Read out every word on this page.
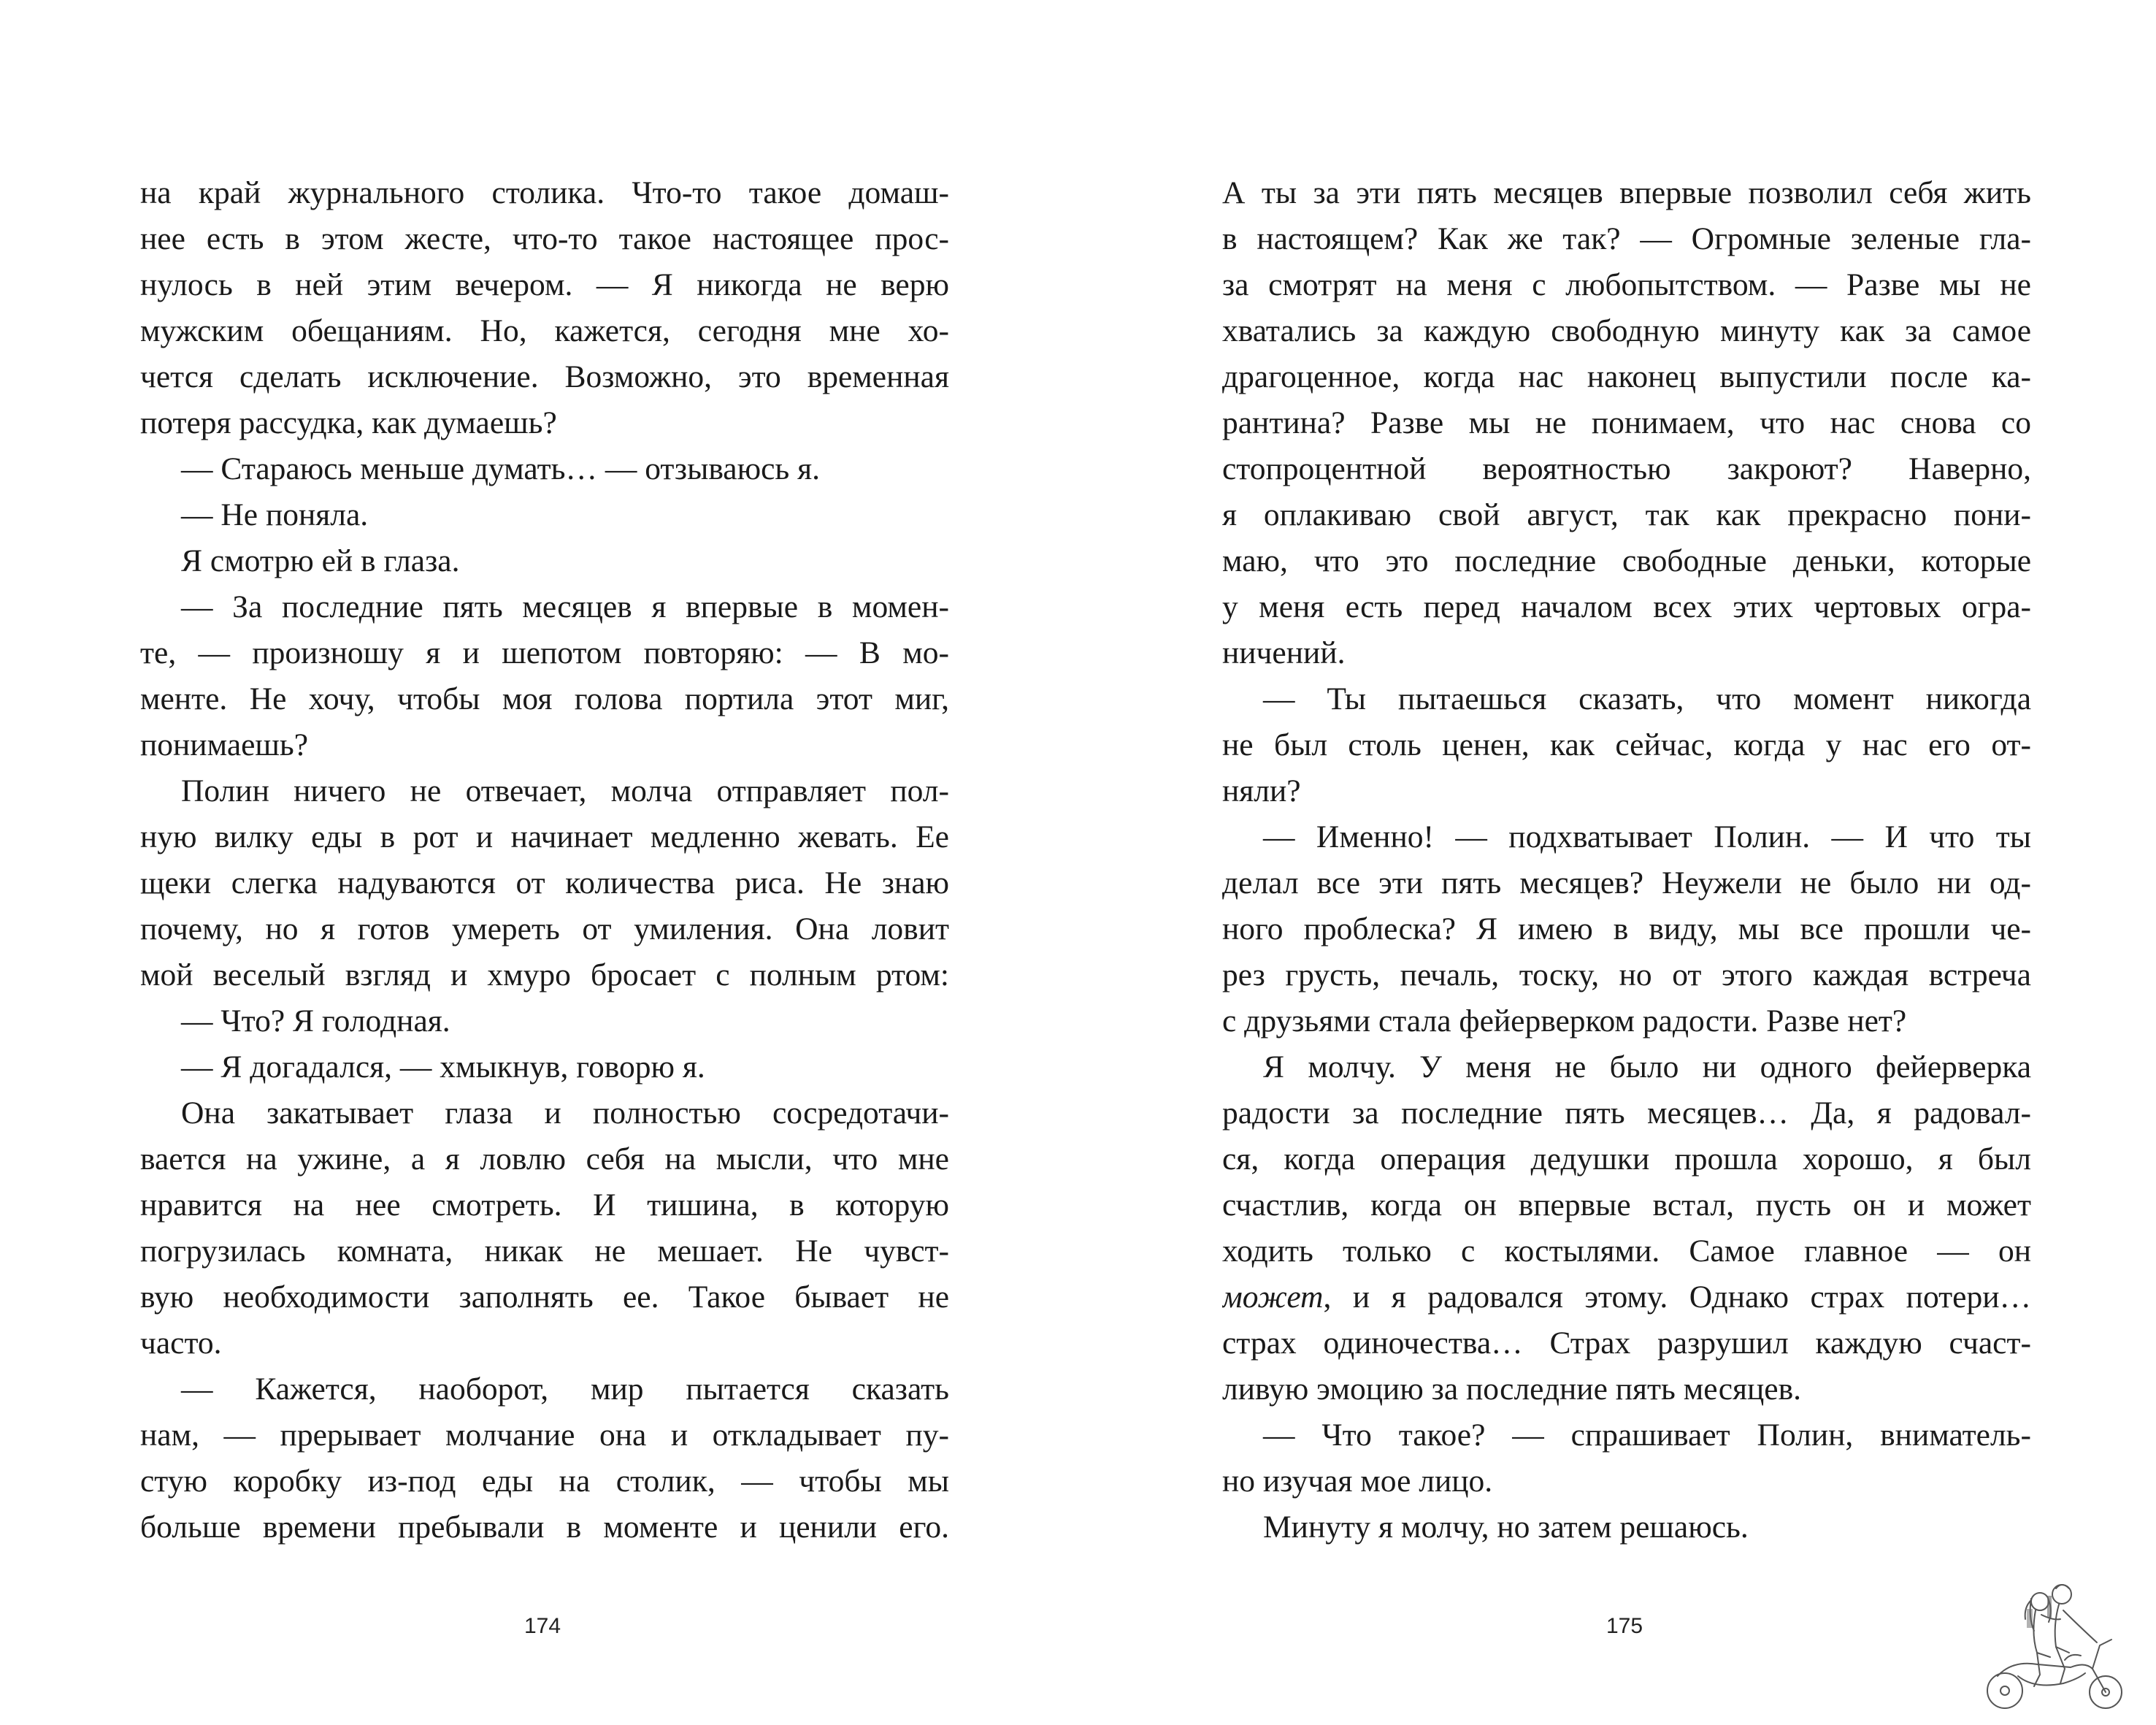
на край журнального столика. Что-то такое домаш-
нее есть в этом жесте, что-то такое настоящее прос-
нулось в ней этим вечером. — Я никогда не верю
мужским обещаниям. Но, кажется, сегодня мне хо-
чется сделать исключение. Возможно, это временная
потеря рассудка, как думаешь?
— Стараюсь меньше думать… — отзываюсь я.
— Не поняла.
Я смотрю ей в глаза.
— За последние пять месяцев я впервые в момен-
те, — произношу я и шепотом повторяю: — В мо-
менте. Не хочу, чтобы моя голова портила этот миг,
понимаешь?
Полин ничего не отвечает, молча отправляет пол-
ную вилку еды в рот и начинает медленно жевать. Ее
щеки слегка надуваются от количества риса. Не знаю
почему, но я готов умереть от умиления. Она ловит
мой веселый взгляд и хмуро бросает с полным ртом:
— Что? Я голодная.
— Я догадался, — хмыкнув, говорю я.
Она закатывает глаза и полностью сосредотачи-
вается на ужине, а я ловлю себя на мысли, что мне
нравится на нее смотреть. И тишина, в которую
погрузилась комната, никак не мешает. Не чувст-
вую необходимости заполнять ее. Такое бывает не
часто.
— Кажется, наоборот, мир пытается сказать
нам, — прерывает молчание она и откладывает пу-
стую коробку из-под еды на столик, — чтобы мы
больше времени пребывали в моменте и ценили его.
174
А ты за эти пять месяцев впервые позволил себя жить
в настоящем? Как же так? — Огромные зеленые гла-
за смотрят на меня с любопытством. — Разве мы не
хватались за каждую свободную минуту как за самое
драгоценное, когда нас наконец выпустили после ка-
рантина? Разве мы не понимаем, что нас снова со
стопроцентной вероятностью закроют? Наверно,
я оплакиваю свой август, так как прекрасно пони-
маю, что это последние свободные деньки, которые
у меня есть перед началом всех этих чертовых огра-
ничений.
— Ты пытаешься сказать, что момент никогда
не был столь ценен, как сейчас, когда у нас его от-
няли?
— Именно! — подхватывает Полин. — И что ты
делал все эти пять месяцев? Неужели не было ни од-
ного проблеска? Я имею в виду, мы все прошли че-
рез грусть, печаль, тоску, но от этого каждая встреча
с друзьями стала фейерверком радости. Разве нет?
Я молчу. У меня не было ни одного фейерверка
радости за последние пять месяцев… Да, я радовал-
ся, когда операция дедушки прошла хорошо, я был
счастлив, когда он впервые встал, пусть он и может
ходить только с костылями. Самое главное — он
может, и я радовался этому. Однако страх потери…
страх одиночества… Страх разрушил каждую счаст-
ливую эмоцию за последние пять месяцев.
— Что такое? — спрашивает Полин, вниматель-
но изучая мое лицо.
Минуту я молчу, но затем решаюсь.
175
